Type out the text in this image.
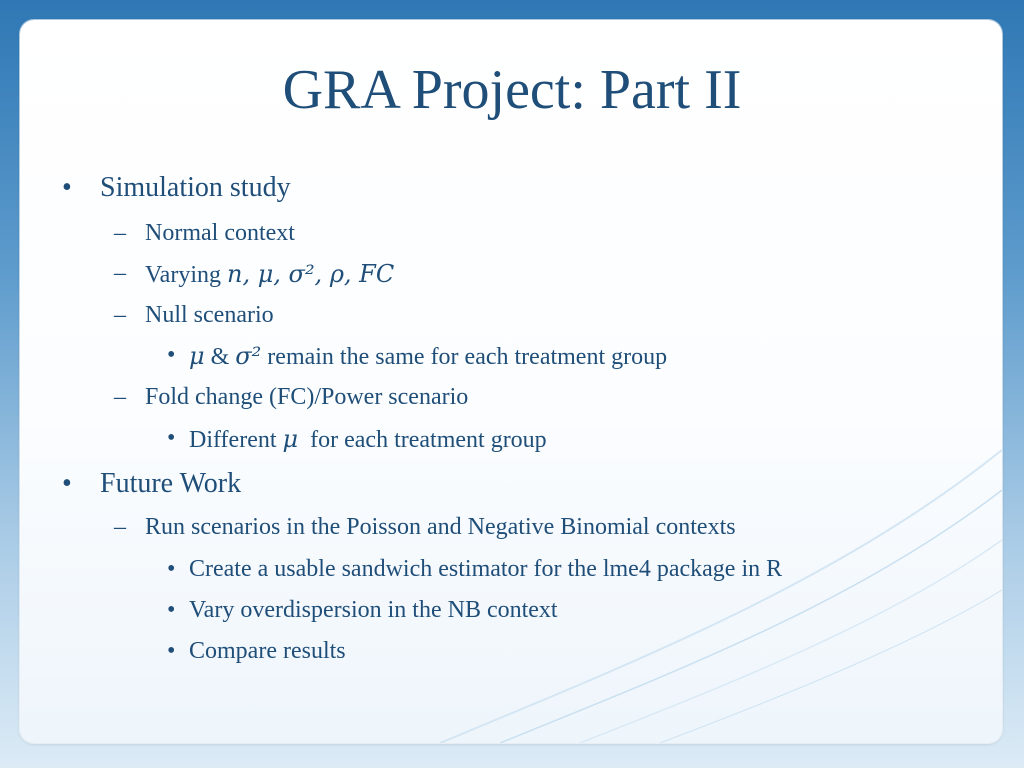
GRA Project: Part II
• Simulation study
– Normal context
– Varying n, μ, σ², ρ, FC
– Null scenario
• μ & σ² remain the same for each treatment group
– Fold change (FC)/Power scenario
• Different μ  for each treatment group
• Future Work
– Run scenarios in the Poisson and Negative Binomial contexts
• Create a usable sandwich estimator for the lme4 package in R
• Vary overdispersion in the NB context
• Compare results
